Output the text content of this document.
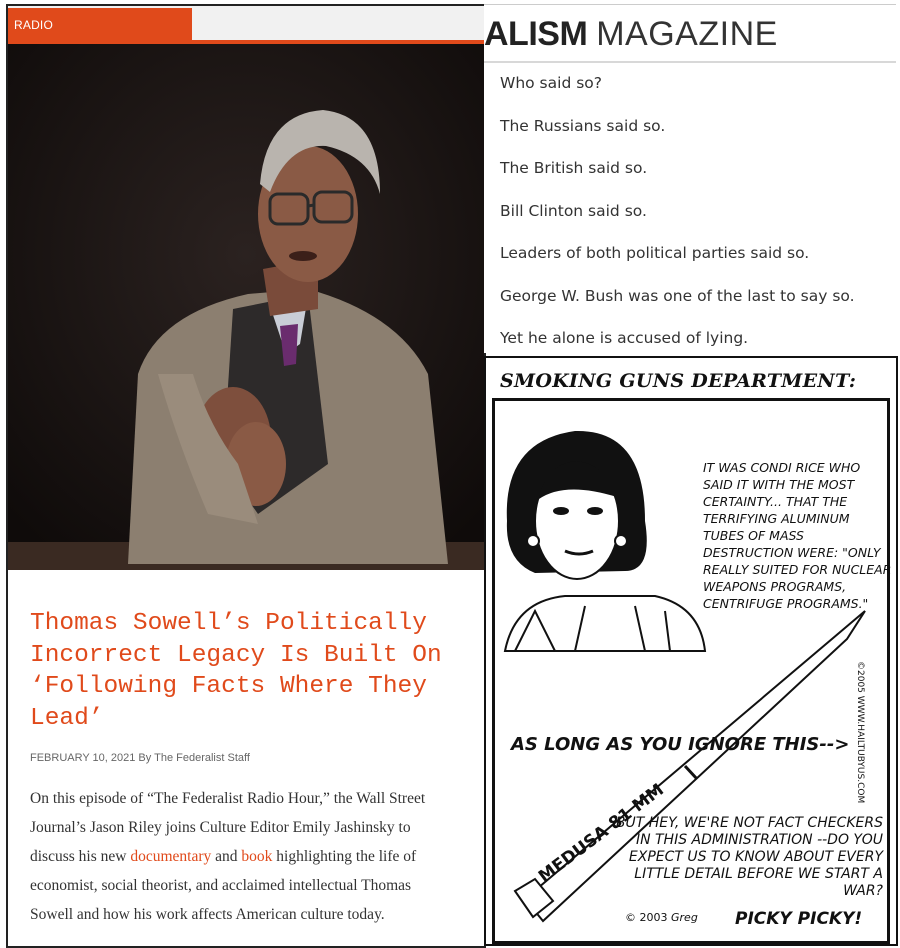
RADIO
Thomas Sowell’s Politically Incorrect Legacy Is Built On ‘Following Facts Where They Lead’
FEBRUARY 10, 2021 By The Federalist Staff
On this episode of “The Federalist Radio Hour,” the Wall Street Journal’s Jason Riley joins Culture Editor Emily Jashinsky to discuss his new documentary and book highlighting the life of economist, social theorist, and acclaimed intellectual Thomas Sowell and how his work affects American culture today.
ALISM MAGAZINE
Who said so?
The Russians said so.
The British said so.
Bill Clinton said so.
Leaders of both political parties said so.
George W. Bush was one of the last to say so.
Yet he alone is accused of lying.
SMOKING GUNS DEPARTMENT:
IT WAS CONDI RICE WHO SAID IT WITH THE MOST CERTAINTY... THAT THE TERRIFYING ALUMINUM TUBES OF MASS DESTRUCTION WERE: "ONLY REALLY SUITED FOR NUCLEAR WEAPONS PROGRAMS, CENTRIFUGE PROGRAMS."
AS LONG AS YOU IGNORE THIS-->
BUT HEY, WE'RE NOT FACT CHECKERS IN THIS ADMINISTRATION --DO YOU EXPECT US TO KNOW ABOUT EVERY LITTLE DETAIL BEFORE WE START A WAR?
MEDUSA 81 MM
©2005 WWW.HAILTUBYUS.COM
© 2003 Greg PICKY PICKY!
